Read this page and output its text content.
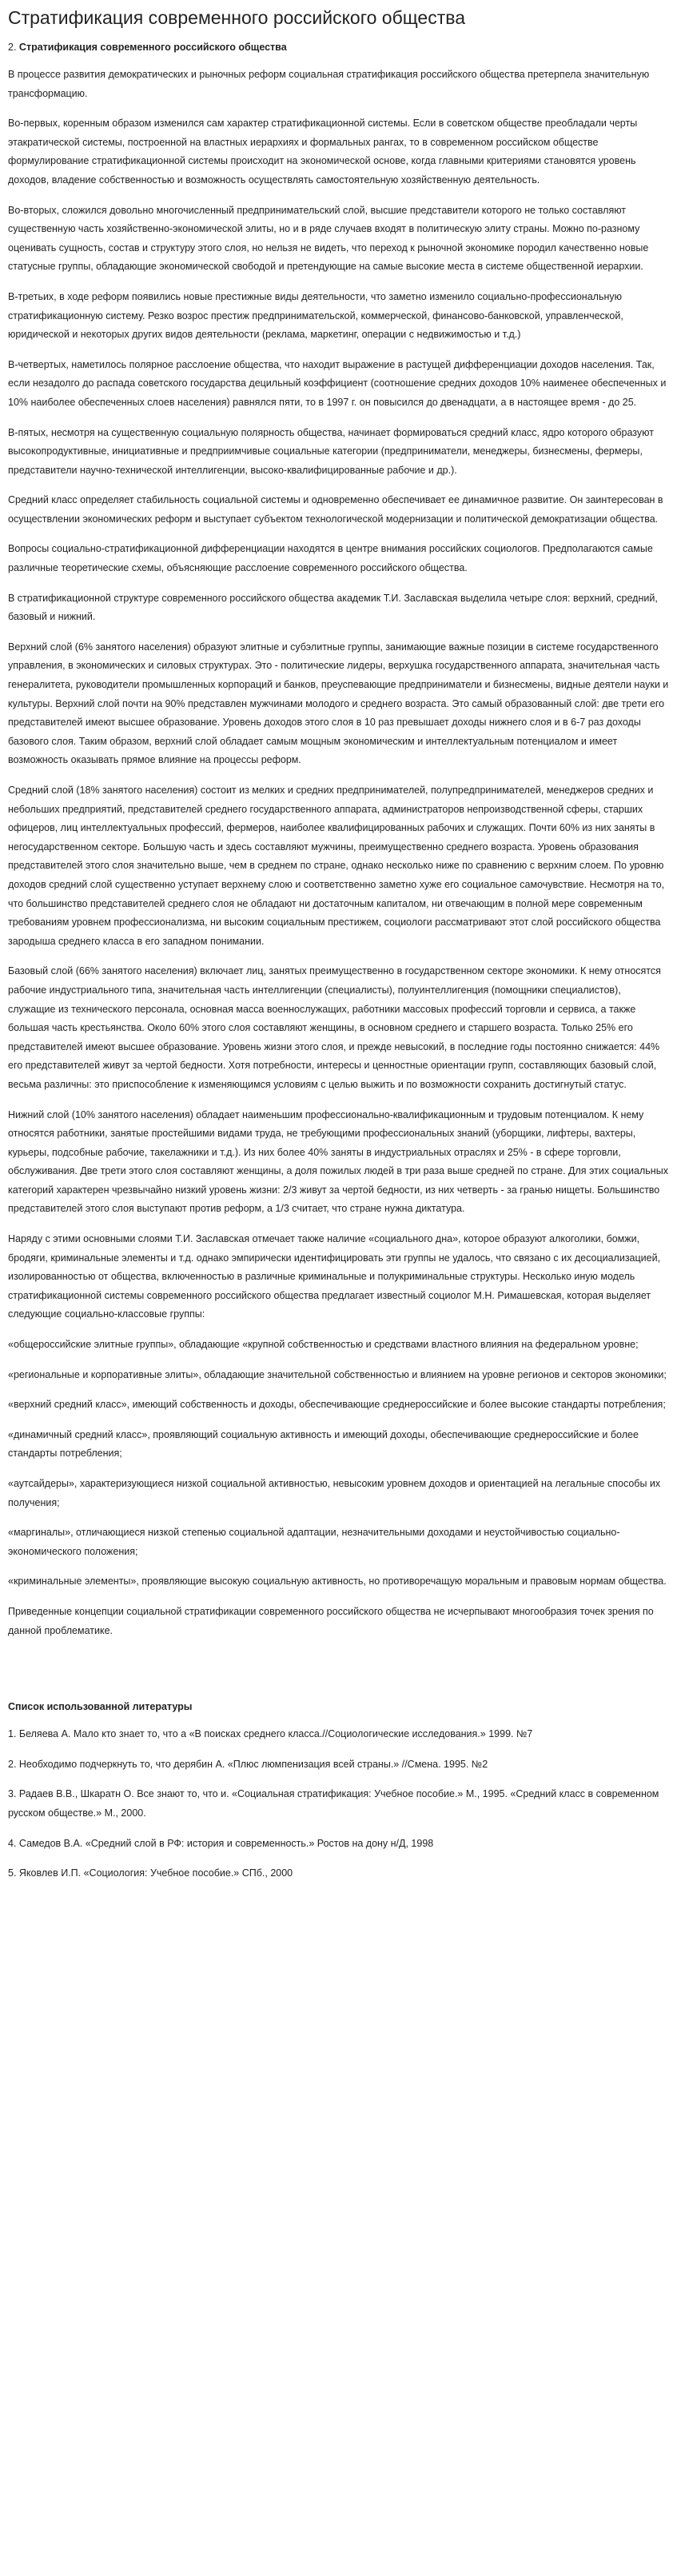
Стратификация современного российского общества
2. Стратификация современного российского общества

В процессе развития демократических и рыночных реформ социальная стратификация российского общества претерпела значительную трансформацию.

Во-первых, коренным образом изменился сам характер стратификационной системы. Если в советском обществе преобладали черты этакратической системы, построенной на властных иерархиях и формальных рангах, то в современном российском обществе формулирование стратификационной системы происходит на экономической основе, когда главными критериями становятся уровень доходов, владение собственностью и возможность осуществлять самостоятельную хозяйственную деятельность.

Во-вторых, сложился довольно многочисленный предпринимательский слой, высшие представители которого не только составляют существенную часть хозяйственно-экономической элиты, но и в ряде случаев входят в политическую элиту страны. Можно по-разному оценивать сущность, состав и структуру этого слоя, но нельзя не видеть, что переход к рыночной экономике породил качественно новые статусные группы, обладающие экономической свободой и претендующие на самые высокие места в системе общественной иерархии.

В-третьих, в ходе реформ появились новые престижные виды деятельности, что заметно изменило социально-профессиональную стратификационную систему. Резко возрос престиж предпринимательской, коммерческой, финансово-банковской, управленческой, юридической и некоторых других видов деятельности (реклама, маркетинг, операции с недвижимостью и т.д.)

В-четвертых, наметилось полярное расслоение общества, что находит выражение в растущей дифференциации доходов населения. Так, если незадолго до распада советского государства децильный коэффициент (соотношение средних доходов 10% наименее обеспеченных и 10% наиболее обеспеченных слоев населения) равнялся пяти, то в 1997 г. он повысился до двенадцати, а в настоящее время - до 25.

В-пятых, несмотря на существенную социальную полярность общества, начинает формироваться средний класс, ядро которого образуют высокопродуктивные, инициативные и предприимчивые социальные категории (предприниматели, менеджеры, бизнесмены, фермеры, представители научно-технической интеллигенции, высоко-квалифицированные рабочие и др.).

Средний класс определяет стабильность социальной системы и одновременно обеспечивает ее динамичное развитие. Он заинтересован в осуществлении экономических реформ и выступает субъектом технологической модернизации и политической демократизации общества.

Вопросы социально-стратификационной дифференциации находятся в центре внимания российских социологов. Предполагаются самые различные теоретические схемы, объясняющие расслоение современного российского общества.

В стратификационной структуре современного российского общества академик Т.И. Заславская выделила четыре слоя: верхний, средний, базовый и нижний.

Верхний слой (6% занятого населения) образуют элитные и субэлитные группы, занимающие важные позиции в системе государственного управления, в экономических и силовых структурах. Это - политические лидеры, верхушка государственного аппарата, значительная часть генералитета, руководители промышленных корпораций и банков, преуспевающие предприниматели и бизнесмены, видные деятели науки и культуры. Верхний слой почти на 90% представлен мужчинами молодого и среднего возраста. Это самый образованный слой: две трети его представителей имеют высшее образование. Уровень доходов этого слоя в 10 раз превышает доходы нижнего слоя и в 6-7 раз доходы базового слоя. Таким образом, верхний слой обладает самым мощным экономическим и интеллектуальным потенциалом и имеет возможность оказывать прямое влияние на процессы реформ.

Средний слой (18% занятого населения) состоит из мелких и средних предпринимателей, полупредпринимателей, менеджеров средних и небольших предприятий, представителей среднего государственного аппарата, администраторов непроизводственной сферы, старших офицеров, лиц интеллектуальных профессий, фермеров, наиболее квалифицированных рабочих и служащих. Почти 60% из них заняты в негосударственном секторе. Большую часть и здесь составляют мужчины, преимущественно среднего возраста. Уровень образования представителей этого слоя значительно выше, чем в среднем по стране, однако несколько ниже по сравнению с верхним слоем. По уровню доходов средний слой существенно уступает верхнему слою и соответственно заметно хуже его социальное самочувствие. Несмотря на то, что большинство представителей среднего слоя не обладают ни достаточным капиталом, ни отвечающим в полной мере современным требованиям уровнем профессионализма, ни высоким социальным престижем, социологи рассматривают этот слой российского общества зародыша среднего класса в его западном понимании.

Базовый слой (66% занятого населения) включает лиц, занятых преимущественно в государственном секторе экономики. К нему относятся рабочие индустриального типа, значительная часть интеллигенции (специалисты), полуинтеллигенция (помощники специалистов), служащие из технического персонала, основная масса военнослужащих, работники массовых профессий торговли и сервиса, а также большая часть крестьянства. Около 60% этого слоя составляют женщины, в основном среднего и старшего возраста. Только 25% его представителей имеют высшее образование. Уровень жизни этого слоя, и прежде невысокий, в последние годы постоянно снижается: 44% его представителей живут за чертой бедности. Хотя потребности, интересы и ценностные ориентации групп, составляющих базовый слой, весьма различны: это приспособление к изменяющимся условиям с целью выжить и по возможности сохранить достигнутый статус.

Нижний слой (10% занятого населения) обладает наименьшим профессионально-квалификационным и трудовым потенциалом. К нему относятся работники, занятые простейшими видами труда, не требующими профессиональных знаний (уборщики, лифтеры, вахтеры, курьеры, подсобные рабочие, такелажники и т.д.). Из них более 40% заняты в индустриальных отраслях и 25% - в сфере торговли, обслуживания. Две трети этого слоя составляют женщины, а доля пожилых людей в три раза выше средней по стране. Для этих социальных категорий характерен чрезвычайно низкий уровень жизни: 2/3 живут за чертой бедности, из них четверть - за гранью нищеты. Большинство представителей этого слоя выступают против реформ, а 1/3 считает, что стране нужна диктатура.

Наряду с этими основными слоями Т.И. Заславская отмечает также наличие «социального дна», которое образуют алкоголики, бомжи, бродяги, криминальные элементы и т.д. однако эмпирически идентифицировать эти группы не удалось, что связано с их десоциализацией, изолированностью от общества, включенностью в различные криминальные и полукриминальные структуры. Несколько иную модель стратификационной системы современного российского общества предлагает известный социолог М.Н. Римашевская, которая выделяет следующие социально-классовые группы:

«общероссийские элитные группы», обладающие «крупной собственностью и средствами властного влияния на федеральном уровне;

«региональные и корпоративные элиты», обладающие значительной собственностью и влиянием на уровне регионов и секторов экономики;

«верхний средний класс», имеющий собственность и доходы, обеспечивающие среднероссийские и более высокие стандарты потребления;

«динамичный средний класс», проявляющий социальную активность и имеющий доходы, обеспечивающие среднероссийские и более стандарты потребления;

«аутсайдеры», характеризующиеся низкой социальной активностью, невысоким уровнем доходов и ориентацией на легальные способы их получения;

«маргиналы», отличающиеся низкой степенью социальной адаптации, незначительными доходами и неустойчивостью социально-экономического положения;

«криминальные элементы», проявляющие высокую социальную активность, но противоречащую моральным и правовым нормам общества.

Приведенные концепции социальной стратификации современного российского общества не исчерпывают многообразия точек зрения по данной проблематике.

Список использованной литературы

1. Беляева А. Мало кто знает то, что а «В поисках среднего класса.//Социологические исследования.» 1999. №7

2. Необходимо подчеркнуть то, что дерябин А. «Плюс люмпенизация всей страны.» //Смена. 1995. №2

3. Радаев В.В., Шкаратн О. Все знают то, что и. «Социальная стратификация: Учебное пособие.» М., 1995. «Средний класс в современном русском обществе.» М., 2000.

4. Самедов В.А. «Средний слой в РФ: история и современность.» Ростов на дону н/Д, 1998

5. Яковлев И.П. «Социология: Учебное пособие.» СПб., 2000
